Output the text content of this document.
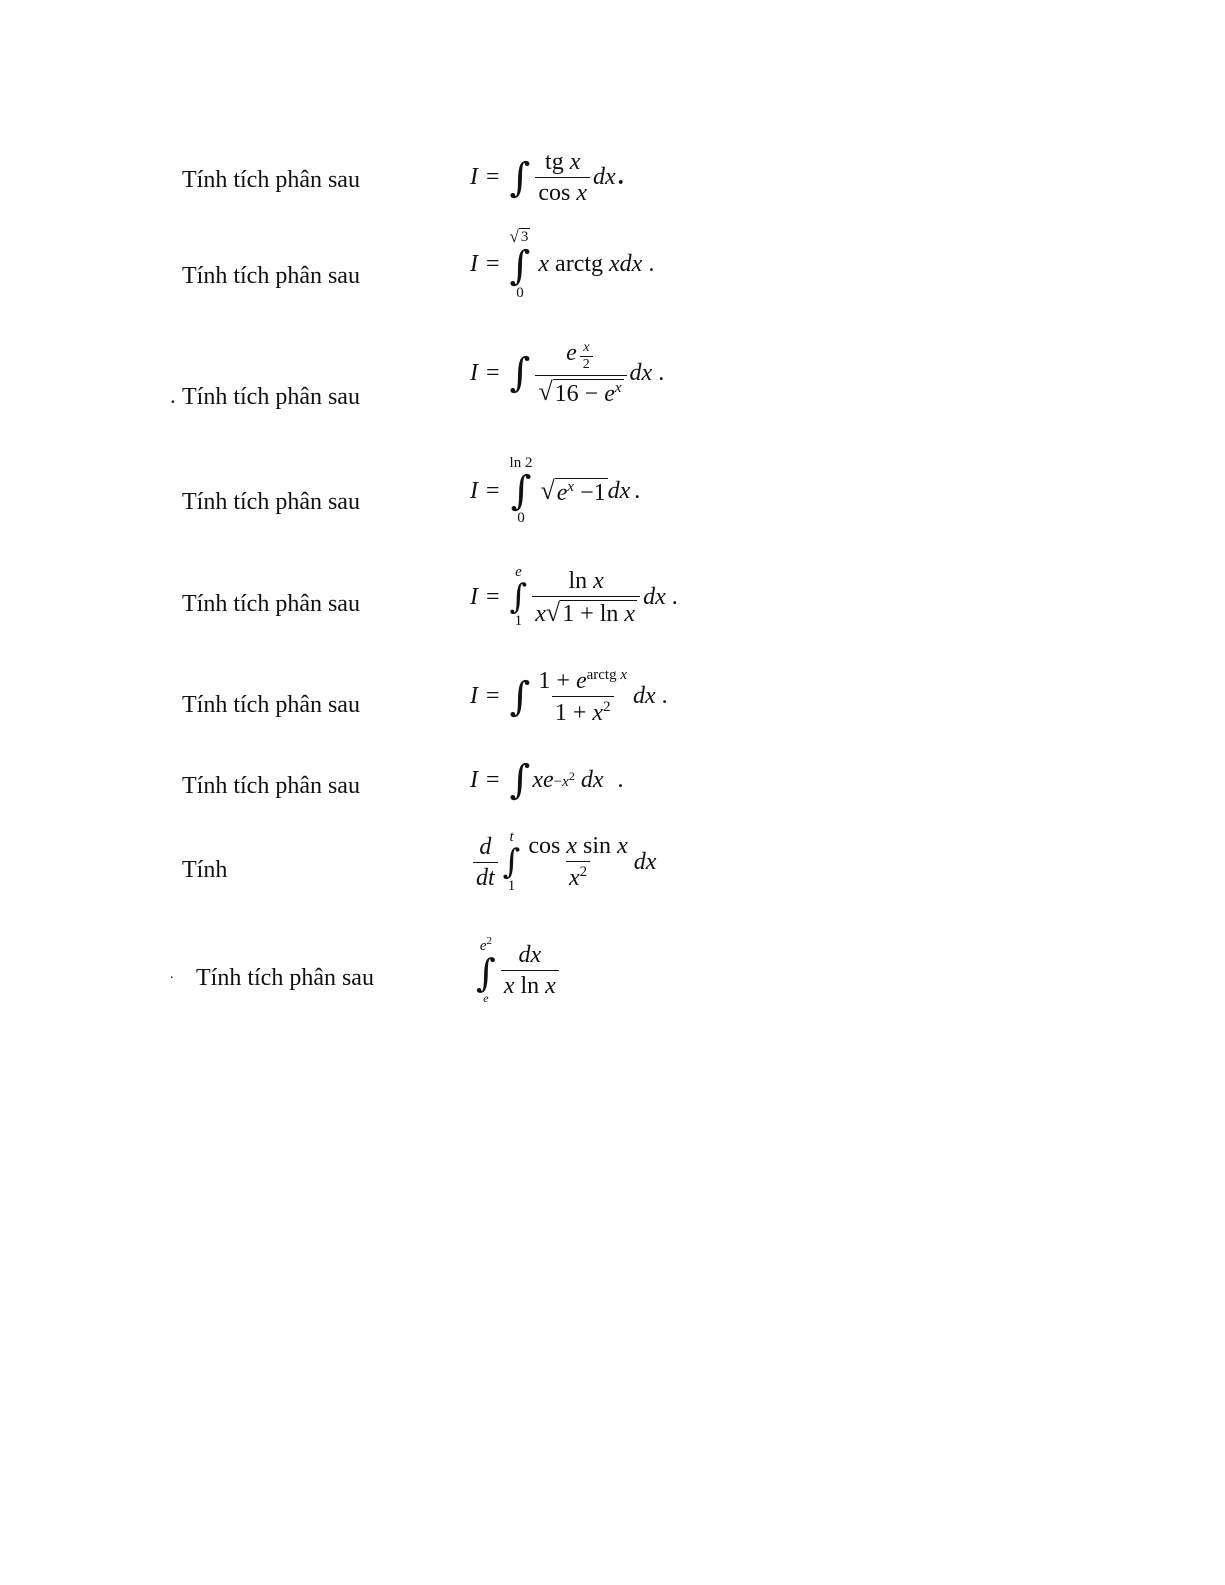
Tính tích phân sau	I = ∫ $\frac{\text{tg x}}{\text{cos x}}$ dx .
Tính tích phân sau	I =
√ 3
∫
0
x arctg xdx .
. Tính tích phân sau
I = ∫ e $^{\frac{x}{2}}$
√ $16 - e^x$ dx .
Tính tích phân sau	I =
ln 2
∫
0
√ $e^x -1$ dx .
Tính tích phân sau	I =
e
∫
$1 \frac{\text{ln x}}{\text{x √ 1 + ln x}}$ dx .
Tính tích phân sau	I = ∫ $\frac{1 + e^{arctg x}}{1 + x^2}$ dx .
Tính tích phân sau	I = ∫ xe $-x^2$ dx .
Tính	$\frac{d}{dt}$ t
∫
$1 \frac{\text{cos x sin x}}{x^2}$ dx
. Tính tích phân sau
$e^2$
∫
e
$\frac{dx}{\text{x ln x}}$
